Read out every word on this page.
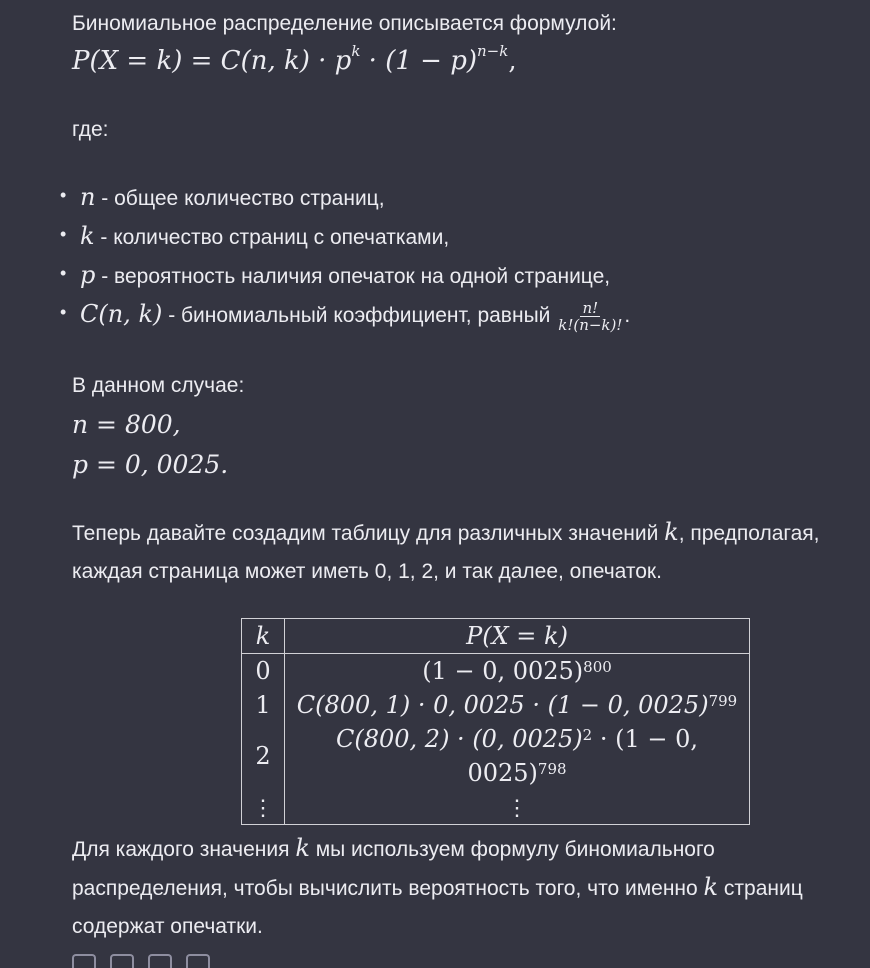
Биномиальное распределение описывается формулой:
P(X = k) = C(n, $k) \cdot p^k \cdot (1 - p)^{n-k}$,
где:
• n - общее количество страниц,
• k - количество страниц с опечатками,
• p - вероятность наличия опечаток на одной странице,
• C(n, k) - биномиальный коэффициент, равный $\frac{n!}{k!(n-k)!}$ .
В данном случае:
n = 800,
p = 0, 0025.
Теперь давайте создадим таблицу для различных значений k, предполагая,
каждая страница может иметь 0, 1, 2, и так далее, опечаток.
k	P(X = k)
0	(1 − 0, 0025)$^{800}$
1	C(800, 1) · 0, 0025 · (1 − 0, 0025)$^{799}$
2	C(800, 2) · (0, 0025)$^2$ · (1 − 0, 0025)$^{798}$
⋮	⋮
Для каждого значения k мы используем формулу биномиального
распределения, чтобы вычислить вероятность того, что именно k страниц
содержат опечатки.
